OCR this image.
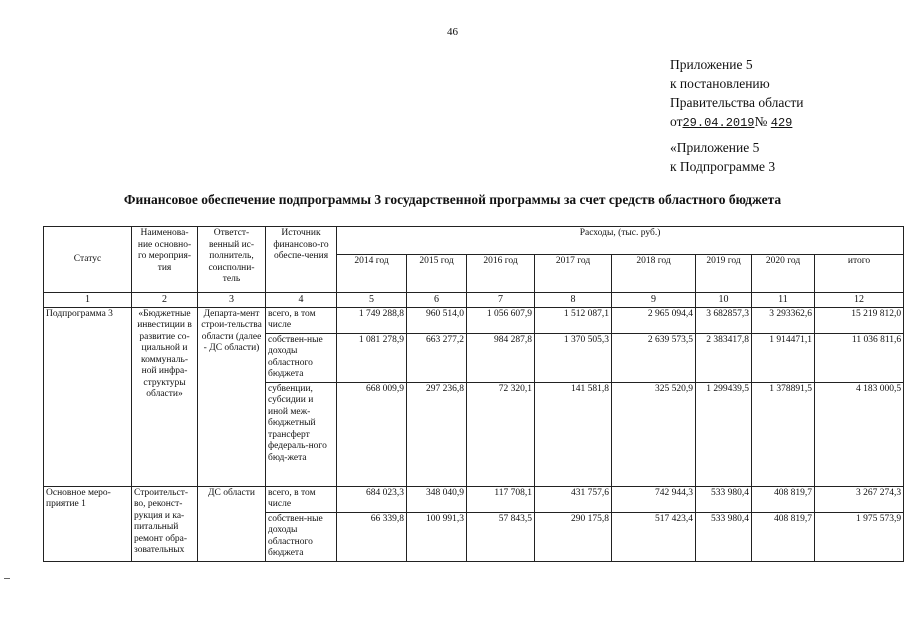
46
Приложение 5
к постановлению
Правительства области
от29.04.2019№ 429
«Приложение 5
к Подпрограмме 3
Финансовое обеспечение подпрограммы 3 государственной программы за счет средств областного бюджета
Статус	Наименова-ние основно-го мероприя-тия	Ответст-венный ис-полнитель, соисполни-тель	Источник финансово-го обеспе-чения	Расходы, (тыс. руб.)							
				2014 год	2015 год	2016 год	2017 год	2018 год	2019 год	2020 год	итого
1	2	3	4	5	6	7	8	9	10	11	12
Подпрограмма 3	«Бюджетные инвестиции в развитие со-циальной и коммуналь-ной инфра-структуры области»	Департа-мент строи-тельства области (далее - ДС области)	всего, в том числе	1 749 288,8	960 514,0	1 056 607,9	1 512 087,1	2 965 094,4	3 682857,3	3 293362,6	15 219 812,0
			собствен-ные доходы областного бюджета	1 081 278,9	663 277,2	984 287,8	1 370 505,3	2 639 573,5	2 383417,8	1 914471,1	11 036 811,6
			субвенции, субсидии и иной меж-бюджетный трансферт федераль-ного бюд-жета	668 009,9	297 236,8	72 320,1	141 581,8	325 520,9	1 299439,5	1 378891,5	4 183 000,5
Основное меро-приятие 1	Строительст-во, реконст-рукция и ка-питальный ремонт обра-зовательных	ДС области	всего, в том числе	684 023,3	348 040,9	117 708,1	431 757,6	742 944,3	533 980,4	408 819,7	3 267 274,3
			собствен-ные доходы областного бюджета	66 339,8	100 991,3	57 843,5	290 175,8	517 423,4	533 980,4	408 819,7	1 975 573,9
